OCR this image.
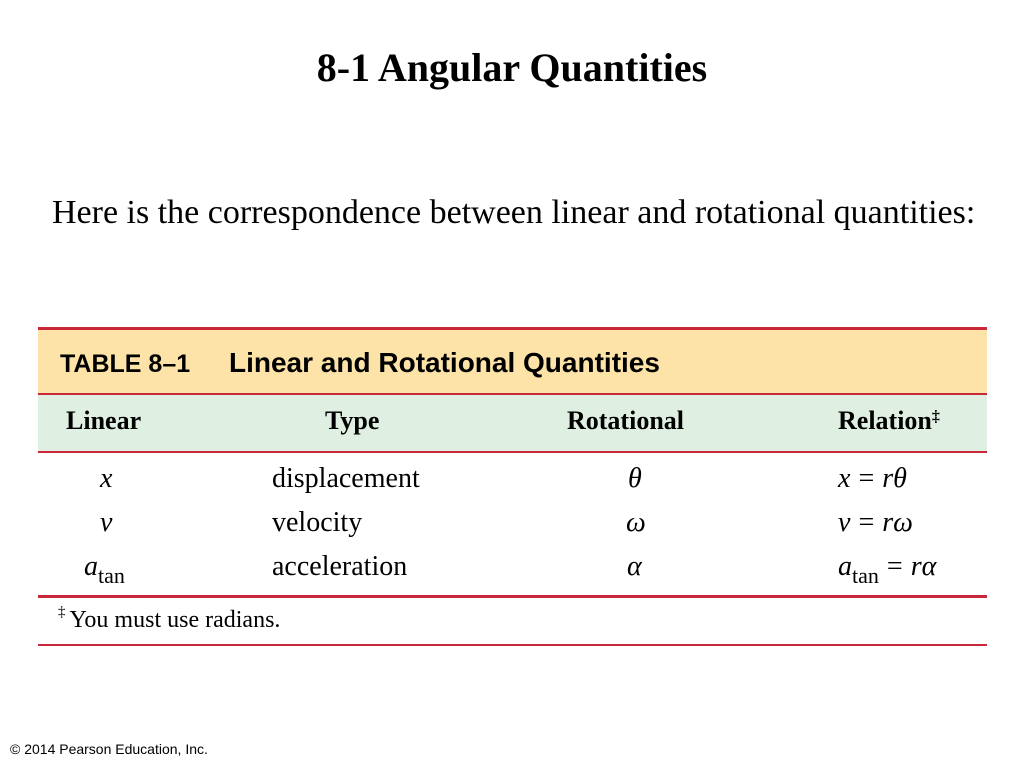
8-1 Angular Quantities
Here is the correspondence between linear and rotational quantities:
TABLE 8–1 Linear and Rotational Quantities
Linear	Type	Rotational	Relation‡
x	displacement	θ	x = rθ
v	velocity	ω	v = rω
$a_{tan}$	acceleration	α	$a_{tan} = r\alpha$
‡ You must use radians.
© 2014 Pearson Education, Inc.
